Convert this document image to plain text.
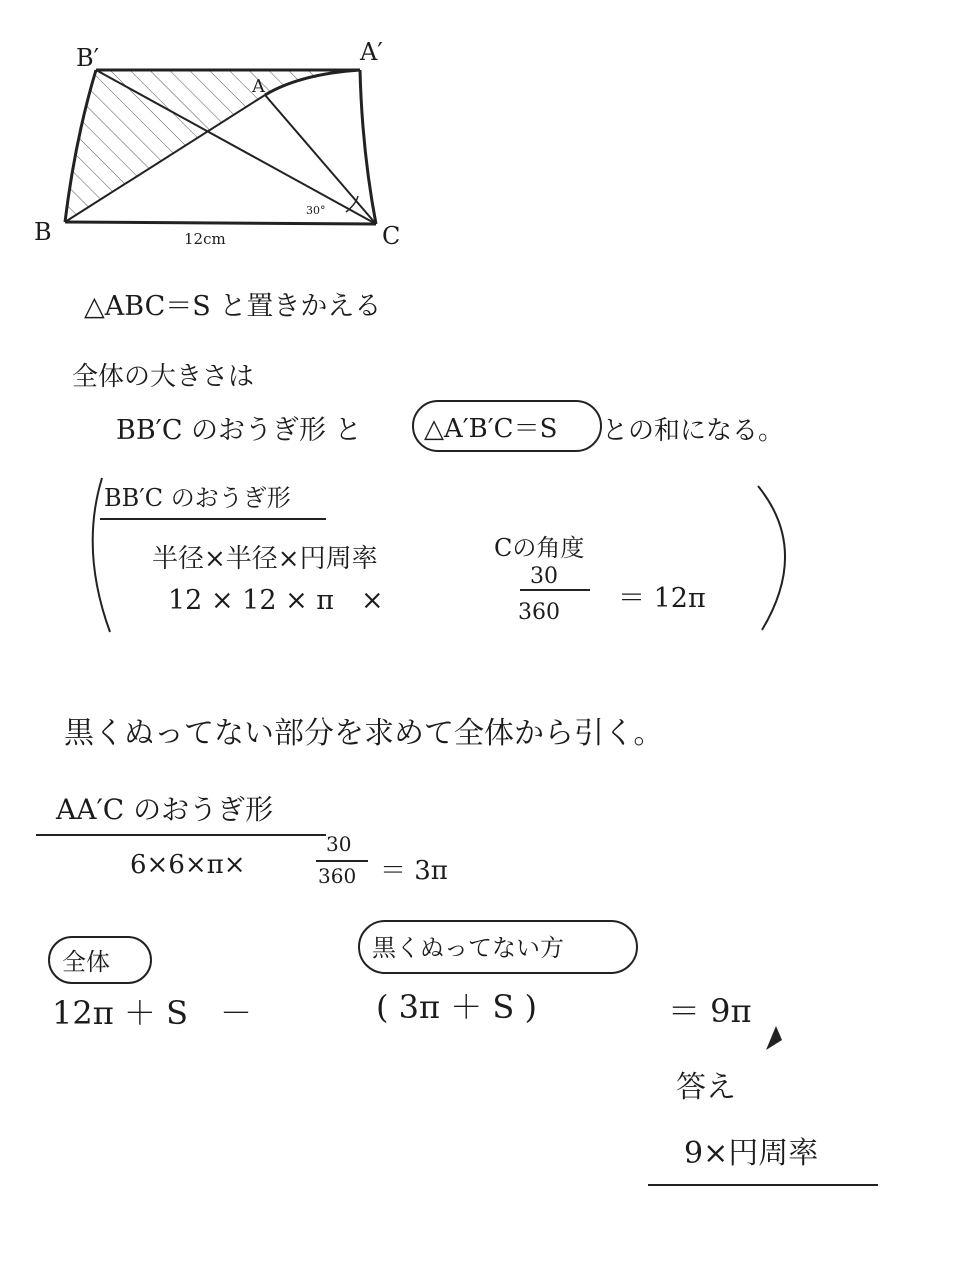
B′	A′
A
B	C
30°
12cm
△ABC＝S と置きかえる
全体の大きさは
BB′C のおうぎ形 と △A′B′C＝S との和になる。
BB′C のおうぎ形
半径×半径×円周率	Cの角度
12 × 12 × π　×
30
360 ＝ 12π
黒くぬってない部分を求めて全体から引く。
AA′C のおうぎ形
6×6×π×
30
360 ＝ 3π
全体	黒くぬってない方
12π ＋ S　－	( 3π ＋ S )	＝ 9π
答え
9×円周率
